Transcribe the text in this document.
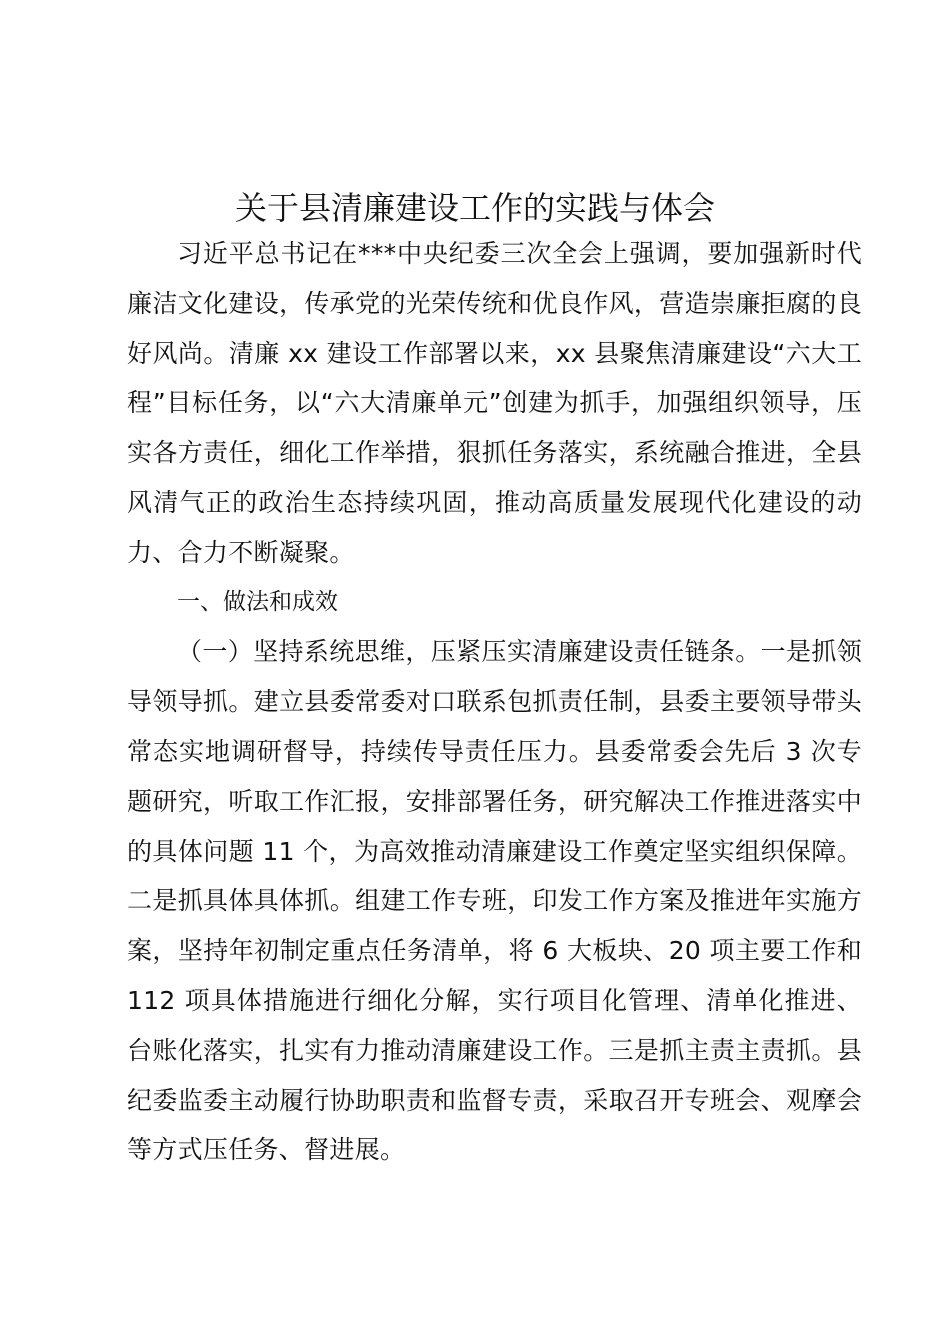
关于县清廉建设工作的实践与体会

习近平总书记在***中央纪委三次全会上强调，要加强新时代廉洁文化建设，传承党的光荣传统和优良作风，营造崇廉拒腐的良好风尚。清廉 xx 建设工作部署以来，xx 县聚焦清廉建设“六大工程”目标任务，以“六大清廉单元”创建为抓手，加强组织领导，压实各方责任，细化工作举措，狠抓任务落实，系统融合推进，全县风清气正的政治生态持续巩固，推动高质量发展现代化建设的动力、合力不断凝聚。

一、做法和成效

（一）坚持系统思维，压紧压实清廉建设责任链条。一是抓领导领导抓。建立县委常委对口联系包抓责任制，县委主要领导带头常态实地调研督导，持续传导责任压力。县委常委会先后 3 次专题研究，听取工作汇报，安排部署任务，研究解决工作推进落实中的具体问题 11 个，为高效推动清廉建设工作奠定坚实组织保障。二是抓具体具体抓。组建工作专班，印发工作方案及推进年实施方案，坚持年初制定重点任务清单，将 6 大板块、20 项主要工作和 112 项具体措施进行细化分解，实行项目化管理、清单化推进、台账化落实，扎实有力推动清廉建设工作。三是抓主责主责抓。县纪委监委主动履行协助职责和监督专责，采取召开专班会、观摩会等方式压任务、督进展。
